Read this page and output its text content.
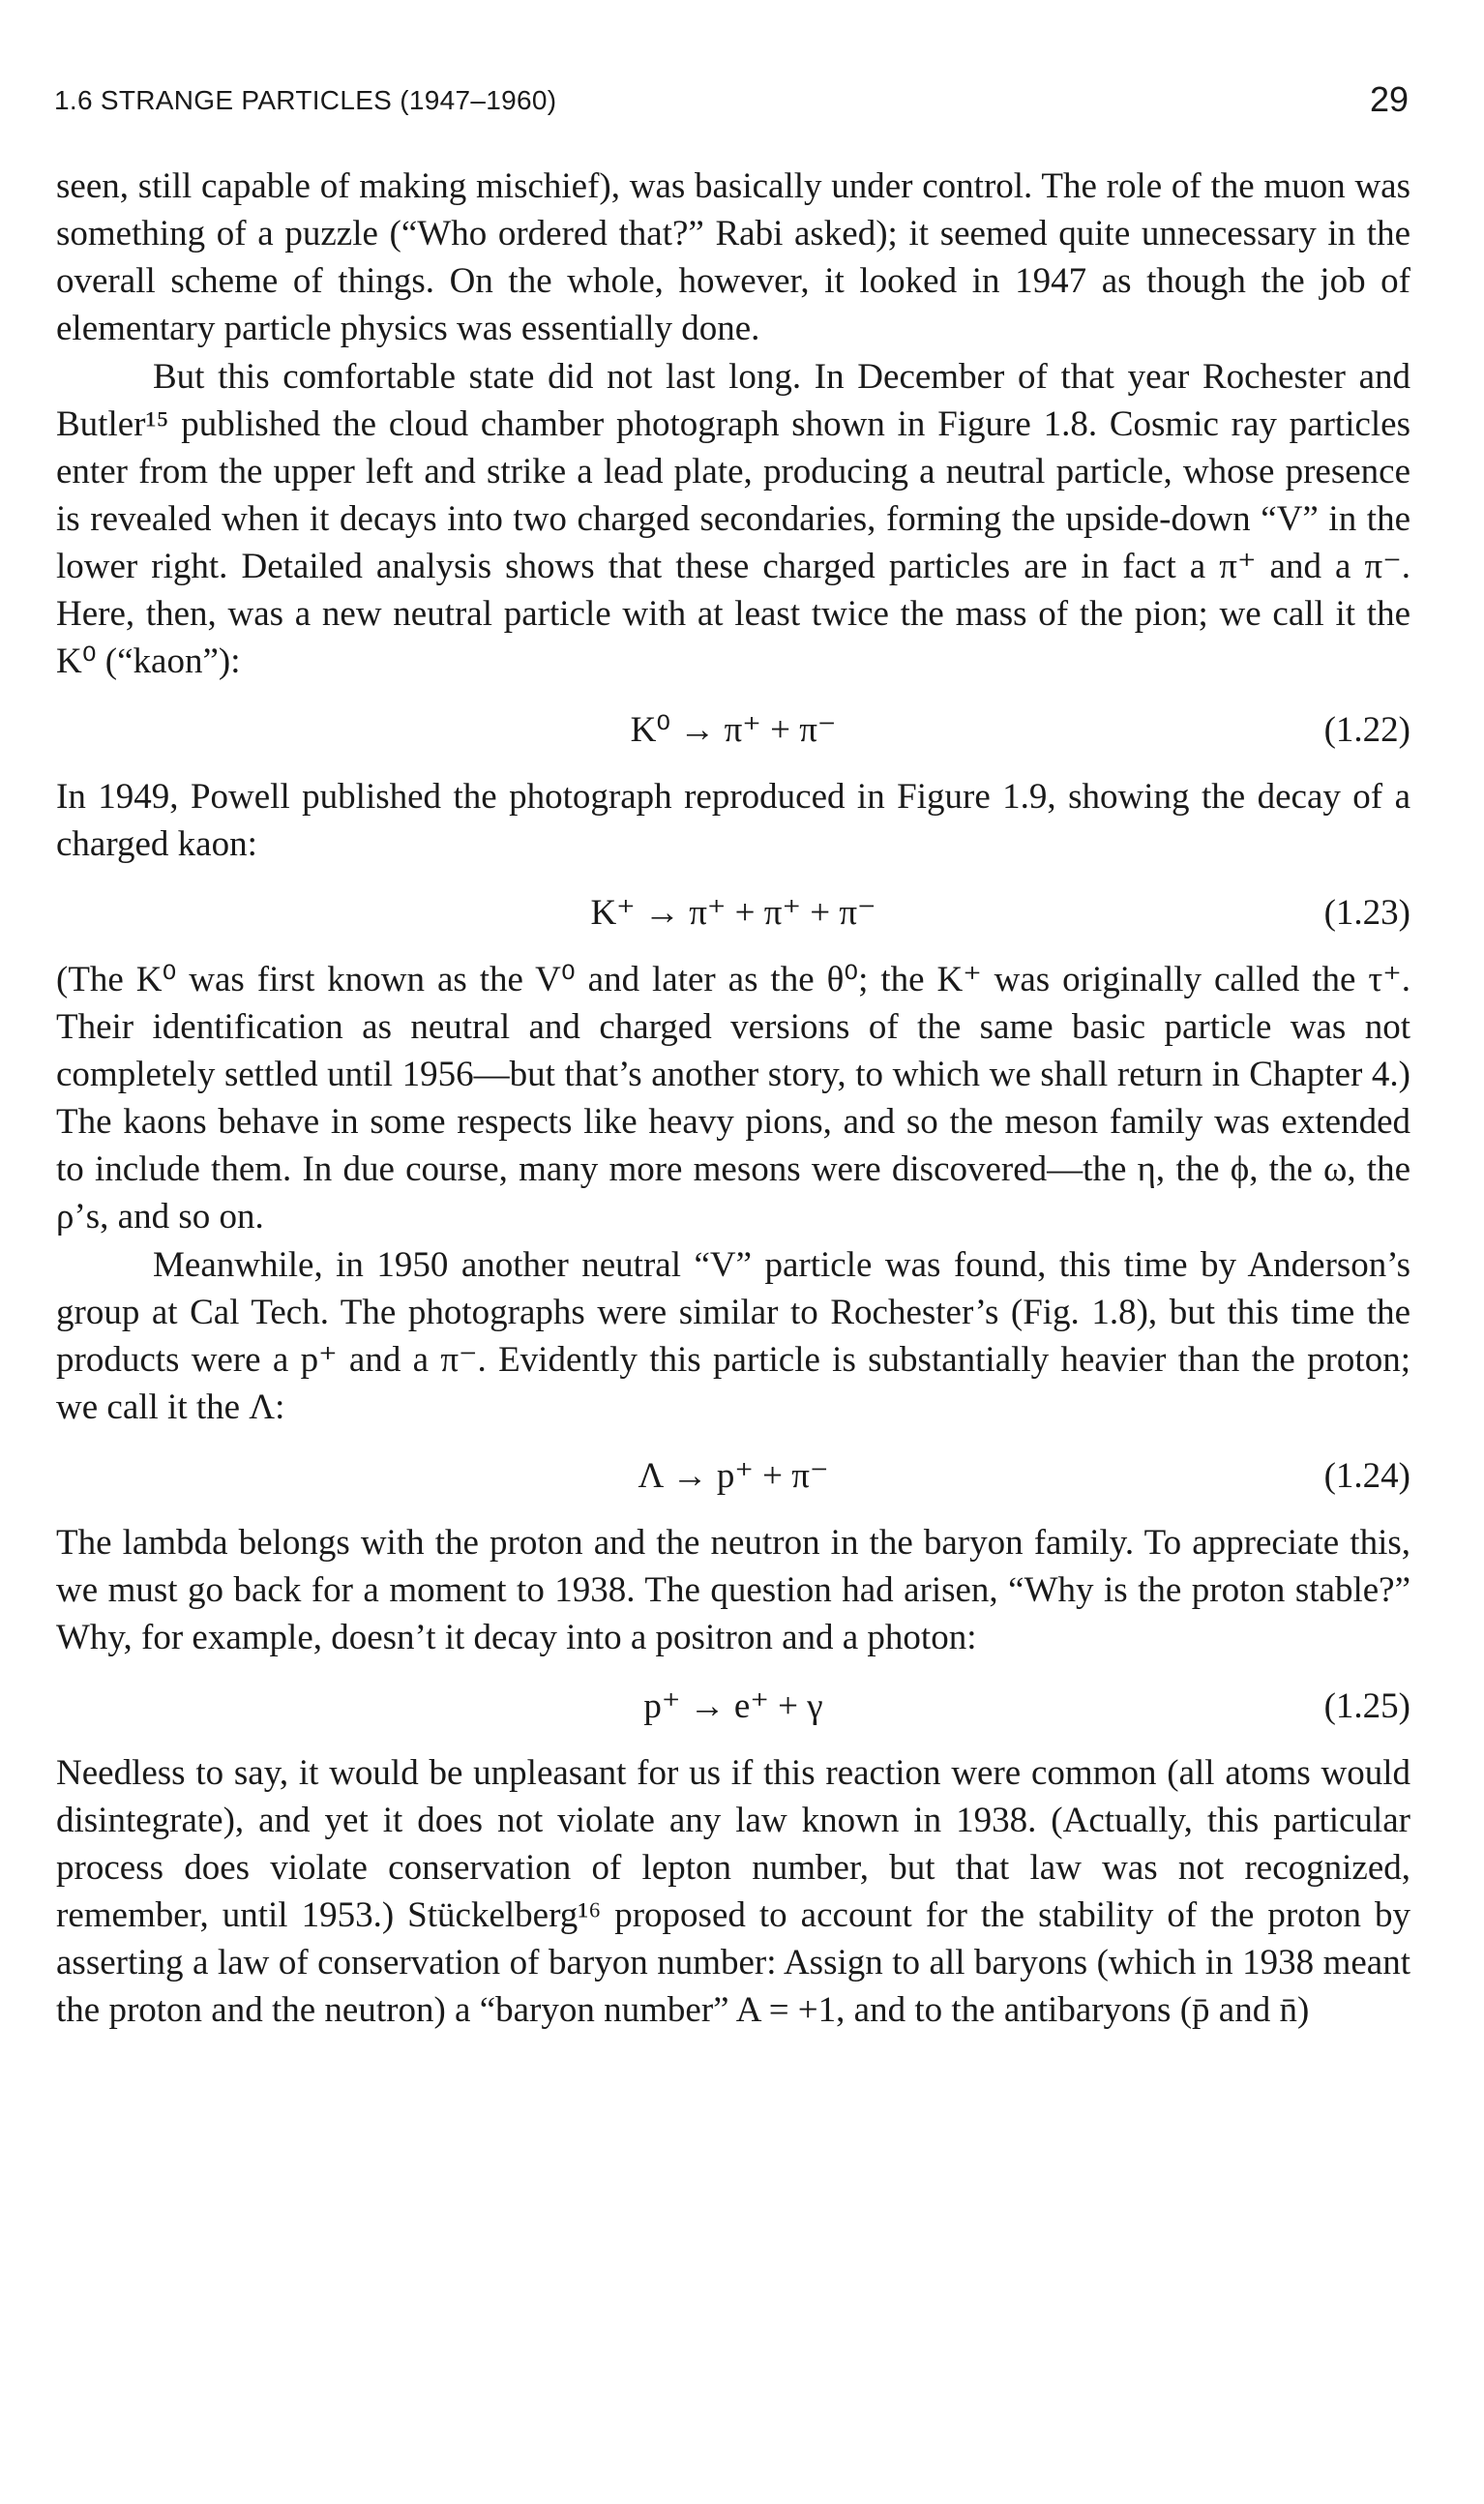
1.6 STRANGE PARTICLES (1947–1960)	29

seen, still capable of making mischief), was basically under control. The role of the muon was something of a puzzle (“Who ordered that?” Rabi asked); it seemed quite unnecessary in the overall scheme of things. On the whole, however, it looked in 1947 as though the job of elementary particle physics was essentially done.

But this comfortable state did not last long. In December of that year Rochester and Butler¹⁵ published the cloud chamber photograph shown in Figure 1.8. Cosmic ray particles enter from the upper left and strike a lead plate, producing a neutral particle, whose presence is revealed when it decays into two charged secondaries, forming the upside-down “V” in the lower right. Detailed analysis shows that these charged particles are in fact a π⁺ and a π⁻. Here, then, was a new neutral particle with at least twice the mass of the pion; we call it the K⁰ (“kaon”):

K⁰ → π⁺ + π⁻	(1.22)

In 1949, Powell published the photograph reproduced in Figure 1.9, showing the decay of a charged kaon:

K⁺ → π⁺ + π⁺ + π⁻	(1.23)

(The K⁰ was first known as the V⁰ and later as the θ⁰; the K⁺ was originally called the τ⁺. Their identification as neutral and charged versions of the same basic particle was not completely settled until 1956—but that’s another story, to which we shall return in Chapter 4.) The kaons behave in some respects like heavy pions, and so the meson family was extended to include them. In due course, many more mesons were discovered—the η, the ϕ, the ω, the ρ’s, and so on.

Meanwhile, in 1950 another neutral “V” particle was found, this time by Anderson’s group at Cal Tech. The photographs were similar to Rochester’s (Fig. 1.8), but this time the products were a p⁺ and a π⁻. Evidently this particle is substantially heavier than the proton; we call it the Λ:

Λ → p⁺ + π⁻	(1.24)

The lambda belongs with the proton and the neutron in the baryon family. To appreciate this, we must go back for a moment to 1938. The question had arisen, “Why is the proton stable?” Why, for example, doesn’t it decay into a positron and a photon:

p⁺ → e⁺ + γ	(1.25)

Needless to say, it would be unpleasant for us if this reaction were common (all atoms would disintegrate), and yet it does not violate any law known in 1938. (Actually, this particular process does violate conservation of lepton number, but that law was not recognized, remember, until 1953.) Stückelberg¹⁶ proposed to account for the stability of the proton by asserting a law of conservation of baryon number: Assign to all baryons (which in 1938 meant the proton and the neutron) a “baryon number” A = +1, and to the antibaryons (p̄ and n̄)
